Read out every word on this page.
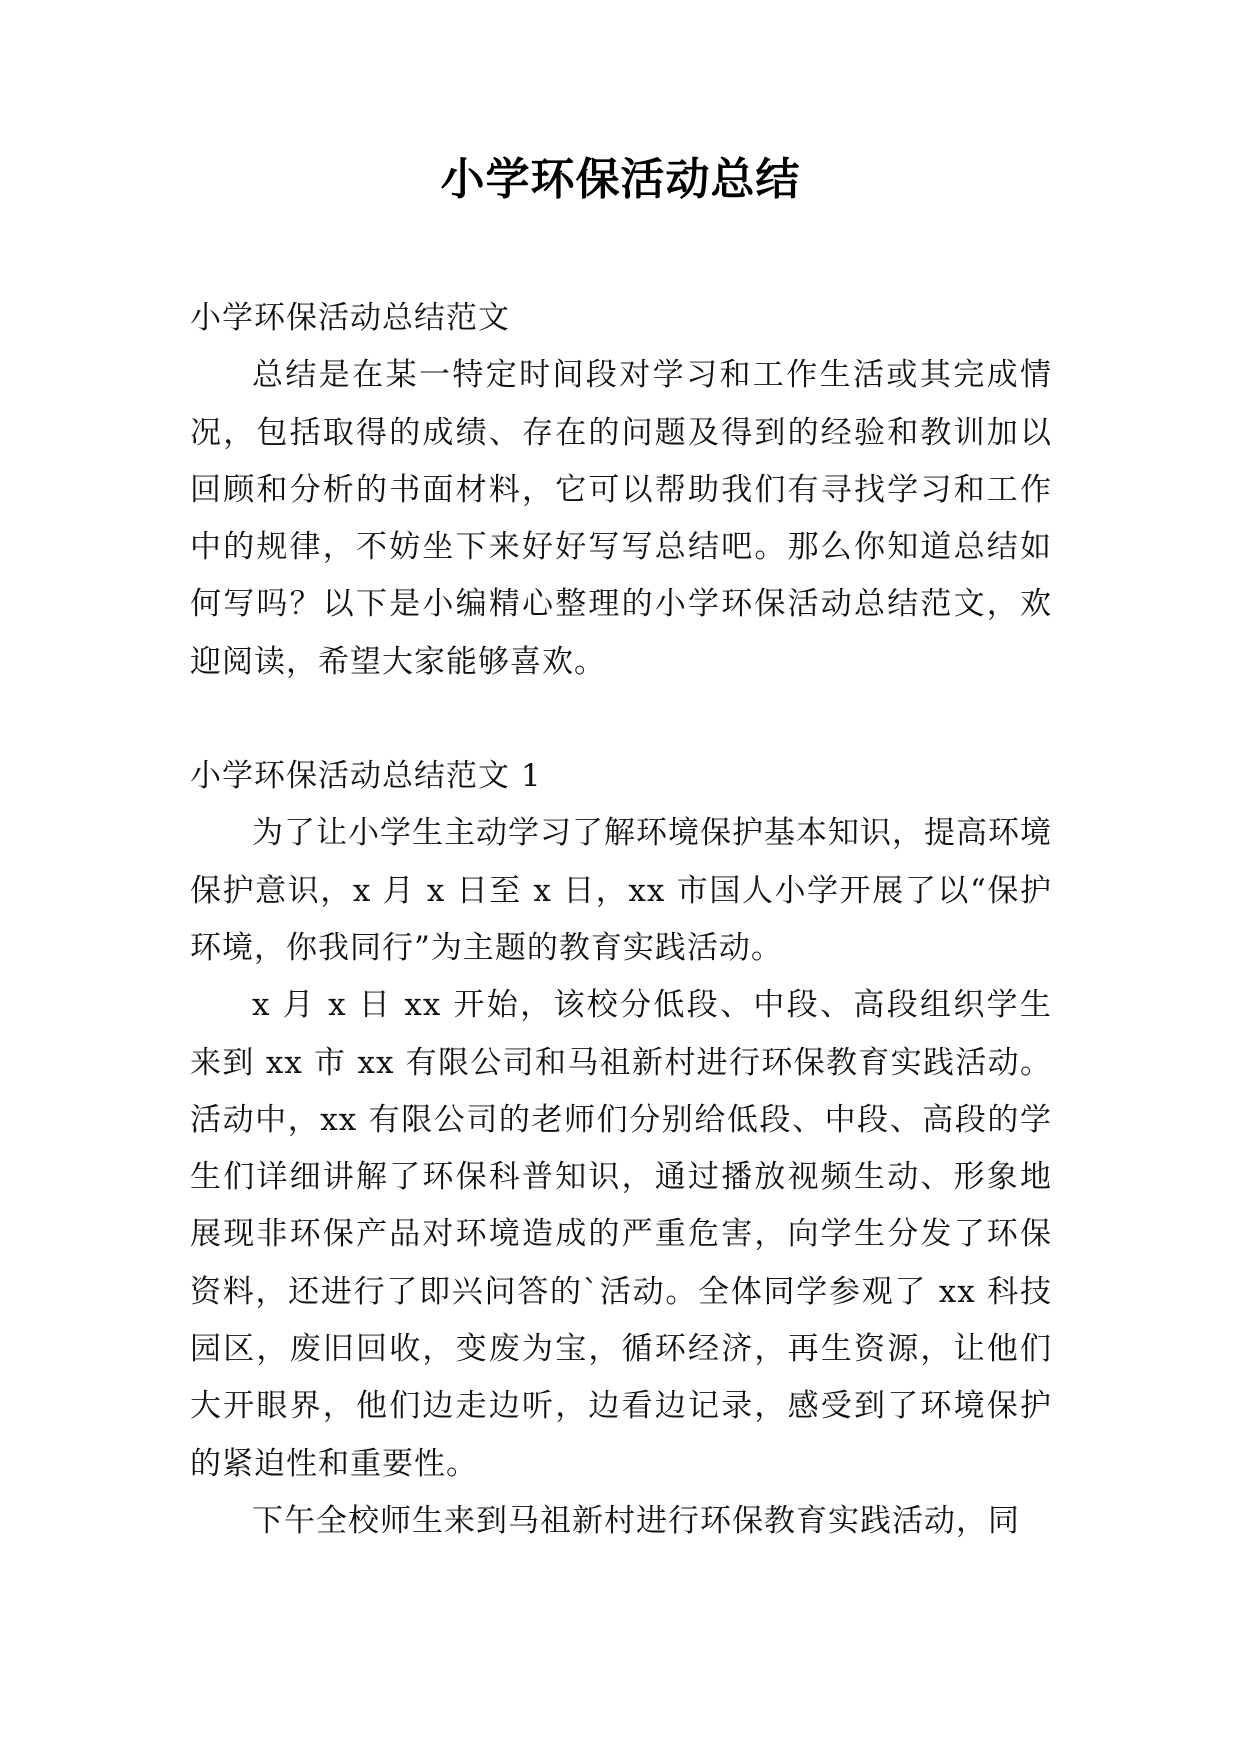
小学环保活动总结

小学环保活动总结范文

总结是在某一特定时间段对学习和工作生活或其完成情况，包括取得的成绩、存在的问题及得到的经验和教训加以回顾和分析的书面材料，它可以帮助我们有寻找学习和工作中的规律，不妨坐下来好好写写总结吧。那么你知道总结如何写吗？以下是小编精心整理的小学环保活动总结范文，欢迎阅读，希望大家能够喜欢。

小学环保活动总结范文 1

为了让小学生主动学习了解环境保护基本知识，提高环境保护意识，x 月 x 日至 x 日，xx 市国人小学开展了以“保护环境，你我同行”为主题的教育实践活动。

x 月 x 日 xx 开始，该校分低段、中段、高段组织学生来到 xx 市 xx 有限公司和马祖新村进行环保教育实践活动。活动中，xx 有限公司的老师们分别给低段、中段、高段的学生们详细讲解了环保科普知识，通过播放视频生动、形象地展现非环保产品对环境造成的严重危害，向学生分发了环保资料，还进行了即兴问答的`活动。全体同学参观了 xx 科技园区，废旧回收，变废为宝，循环经济，再生资源，让他们大开眼界，他们边走边听，边看边记录，感受到了环境保护的紧迫性和重要性。

下午全校师生来到马祖新村进行环保教育实践活动，同
